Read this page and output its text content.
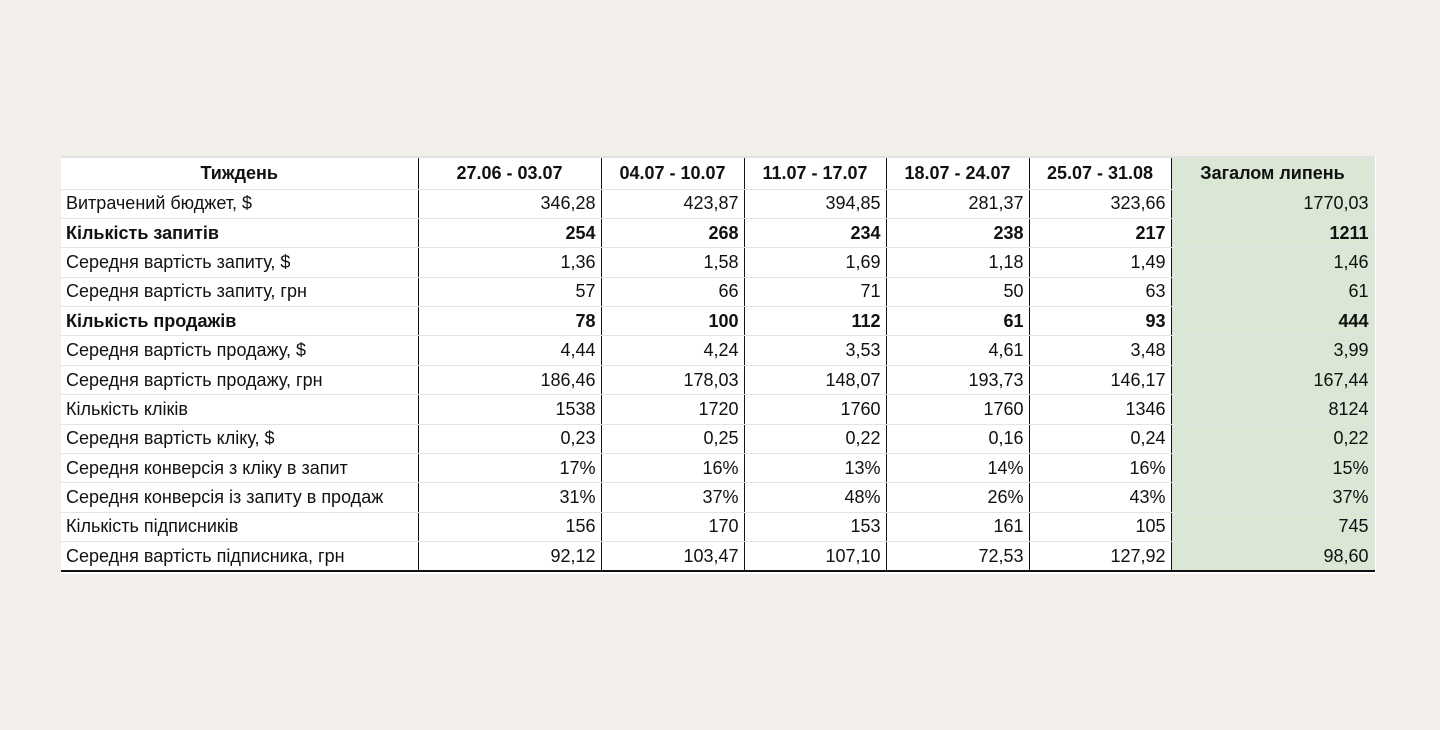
Тиждень	27.06 - 03.07	04.07 - 10.07	11.07 - 17.07	18.07 - 24.07	25.07 - 31.08	Загалом липень
Витрачений бюджет, $	346,28	423,87	394,85	281,37	323,66	1770,03
Кількість запитів	254	268	234	238	217	1211
Середня вартість запиту, $	1,36	1,58	1,69	1,18	1,49	1,46
Середня вартість запиту, грн	57	66	71	50	63	61
Кількість продажів	78	100	112	61	93	444
Середня вартість продажу, $	4,44	4,24	3,53	4,61	3,48	3,99
Середня вартість продажу, грн	186,46	178,03	148,07	193,73	146,17	167,44
Кількість кліків	1538	1720	1760	1760	1346	8124
Середня вартість кліку, $	0,23	0,25	0,22	0,16	0,24	0,22
Середня конверсія з кліку в запит	17%	16%	13%	14%	16%	15%
Середня конверсія із запиту в продаж	31%	37%	48%	26%	43%	37%
Кількість підписників	156	170	153	161	105	745
Середня вартість підписника, грн	92,12	103,47	107,10	72,53	127,92	98,60
